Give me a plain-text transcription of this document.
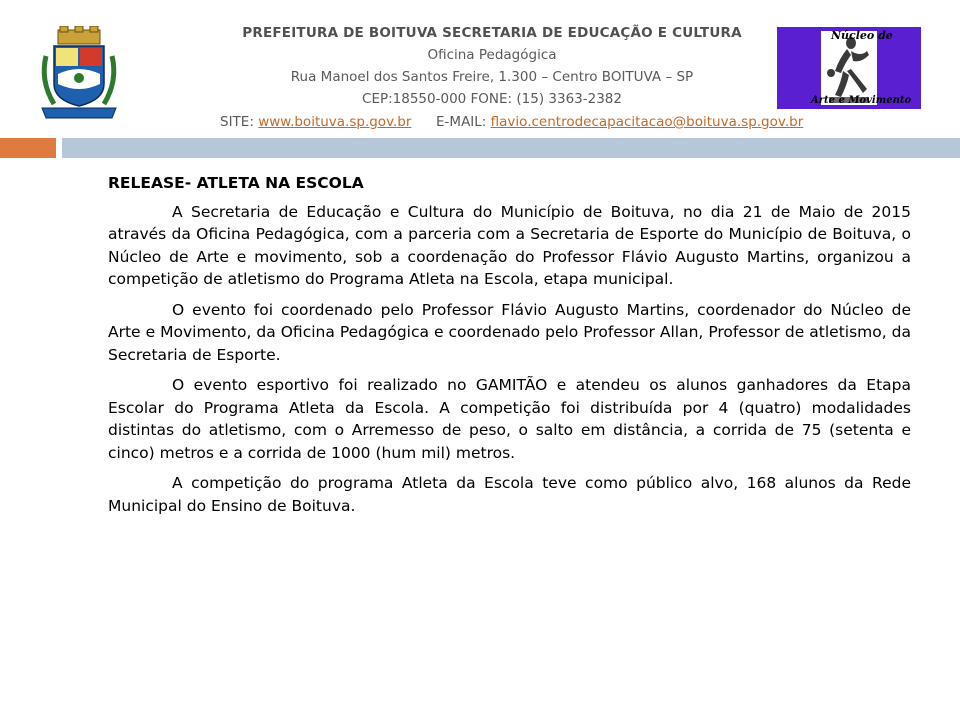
PREFEITURA DE BOITUVA SECRETARIA DE EDUCAÇÃO E CULTURA
Oficina Pedagógica
Rua Manoel dos Santos Freire, 1.300 – Centro BOITUVA – SP
CEP:18550-000 FONE: (15) 3363-2382
SITE: www.boituva.sp.gov.br E-MAIL: flavio.centrodecapacitacao@boituva.sp.gov.br
Núcleo de
Arte e Movimento
RELEASE- ATLETA NA ESCOLA

A Secretaria de Educação e Cultura do Município de Boituva, no dia 21 de Maio de 2015 através da Oficina Pedagógica, com a parceria com a Secretaria de Esporte do Município de Boituva, o Núcleo de Arte e movimento, sob a coordenação do Professor Flávio Augusto Martins, organizou a competição de atletismo do Programa Atleta na Escola, etapa municipal.

O evento foi coordenado pelo Professor Flávio Augusto Martins, coordenador do Núcleo de Arte e Movimento, da Oficina Pedagógica e coordenado pelo Professor Allan, Professor de atletismo, da Secretaria de Esporte.

O evento esportivo foi realizado no GAMITÃO e atendeu os alunos ganhadores da Etapa Escolar do Programa Atleta da Escola. A competição foi distribuída por 4 (quatro) modalidades distintas do atletismo, com o Arremesso de peso, o salto em distância, a corrida de 75 (setenta e cinco) metros e a corrida de 1000 (hum mil) metros.

A competição do programa Atleta da Escola teve como público alvo, 168 alunos da Rede Municipal do Ensino de Boituva.
